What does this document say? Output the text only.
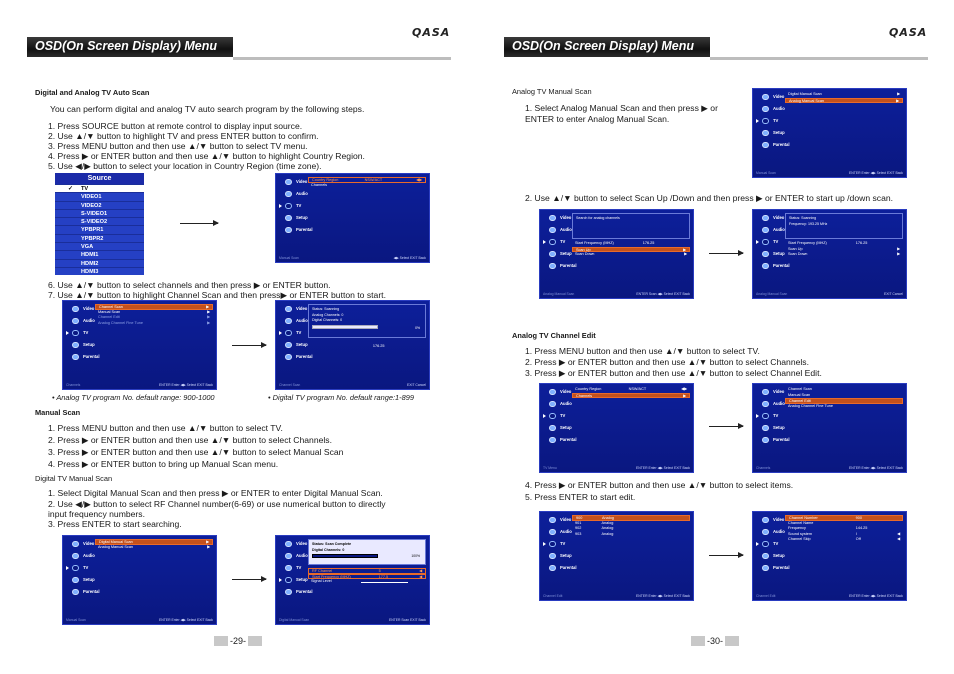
QASA
OSD(On Screen Display) Menu
Digital and Analog TV Auto Scan
You can perform digital and analog TV auto search program by the following steps.
1. Press SOURCE button at remote control to display input source.
2. Use ▲/▼ button to highlight TV and press ENTER button to confirm.
3. Press MENU button and then use ▲/▼ button to select TV menu.
4. Press ▶ or ENTER button and then use ▲/▼ button to highlight Country Region.
5. Use ◀/▶ button to select your location in Country Region (time zone).
Source
✓ TV
VIDEO1
VIDEO2
S-VIDEO1
S-VIDEO2
YPBPR1
YPBPR2
VGA
HDMI1
HDMI2
HDMI3
Video
Audio
TV
Setup
Parental
Country Region	NSW/ACT	◀▶
Channels
Manual Scan	◀▶ Select EXIT Back
6. Use ▲/▼ button to select channels and then press ▶ or ENTER button.
7. Use ▲/▼ button to highlight Channel Scan and then press▶ or ENTER button to start.
Video
Audio
TV
Setup
Parental
Channel Scan	▶
Manual Scan	▶
Channel Edit	▶
Analog Channel Fine Tune	▶
Channels	ENTER Enter ◀▶ Select EXIT Back
Video
Audio
TV
Setup
Parental
Status: Scanning
Analog Channels: 0
Digital Channels: 0
0%
176.25
Channel Scan	EXIT Cancel
• Analog TV program No. default range: 900-1000	• Digital TV program No. default range:1-899
Manual Scan
1. Press MENU button and then use ▲/▼ button to select TV.
2. Press ▶ or ENTER button and then use ▲/▼ button to select Channels.
3. Press ▶ or ENTER button and then use ▲/▼ button to select Manual Scan
4. Press ▶ or ENTER button to bring up Manual Scan menu.
Digital TV Manual Scan
1. Select Digital Manual Scan and then press ▶ or ENTER to enter Digital Manual Scan.
2. Use ◀/▶ button to select RF Channel number(6-69) or use numerical button to directly
input frequency numbers.
3. Press ENTER to start searching.
Video
Audio
TV
Setup
Parental
Digital Manual Scan	▶
Analog Manual Scan	▶
Manual Scan	ENTER Enter ◀▶ Select EXIT Back
Video
Audio
TV
Setup
Parental
Status: Scan Complete
Digital Channels: 0
100%
RF Channel	5	◀
Start Frequency (MHZ)	177.5	◀
Signal Level
Digital Manual Scan	ENTER Scan EXIT Back
-29-
QASA
OSD(On Screen Display) Menu
Analog TV Manual Scan
1. Select Analog Manual Scan and then press ▶ or
ENTER to enter Analog Manual Scan.
Video
Audio
TV
Setup
Parental
Digital Manual Scan	▶
Analog Manual Scan	▶
Manual Scan	ENTER Enter ◀▶ Select EXIT Back
2. Use ▲/▼ button to select Scan Up /Down and then press ▶ or ENTER to start up /down scan.
Video
Audio
TV
Setup
Parental
Search for analog channels
Start Frequency (MHZ)	176.25
Scan Up	▶
Scan Down	▶
Analog Manual Scan	ENTER Scan ◀▶ Select EXIT Back
Video
Audio
TV
Setup
Parental
Status: Scanning
Frequency: 193.25 MHz
Start Frequency (MHZ)	176.25
Scan Up	▶
Scan Down	▶
Analog Manual Scan	EXIT Cancel
Analog TV Channel Edit
1. Press MENU button and then use ▲/▼ button to select TV.
2. Press ▶ or ENTER button and then use ▲/▼ button to select Channels.
3. Press ▶ or ENTER button and then use ▲/▼ button to select Channel Edit.
Video
Audio
TV
Setup
Parental
Country Region	NSW/ACT	◀▶
Channels	▶
TV Menu	ENTER Enter ◀▶ Select EXIT Back
Video
Audio
TV
Setup
Parental
Channel Scan
Manual Scan
Channel Edit
Analog Channel Fine Tune
Channels	ENTER Enter ◀▶ Select EXIT Back
4. Press ▶ or ENTER button and then use ▲/▼ button to select items.
5. Press ENTER to start edit.
Video
Audio
TV
Setup
Parental
900	Analog
901	Analog
902	Analog
903	Analog
Channel Edit	ENTER Enter ◀▶ Select EXIT Back
Video
Audio
TV
Setup
Parental
Channel Number	900
Channel Name
Frequency	144.25
Sound system	I	◀
Channel Skip	Off	◀
Channel Edit	ENTER Enter ◀▶ Select EXIT Back
-30-
